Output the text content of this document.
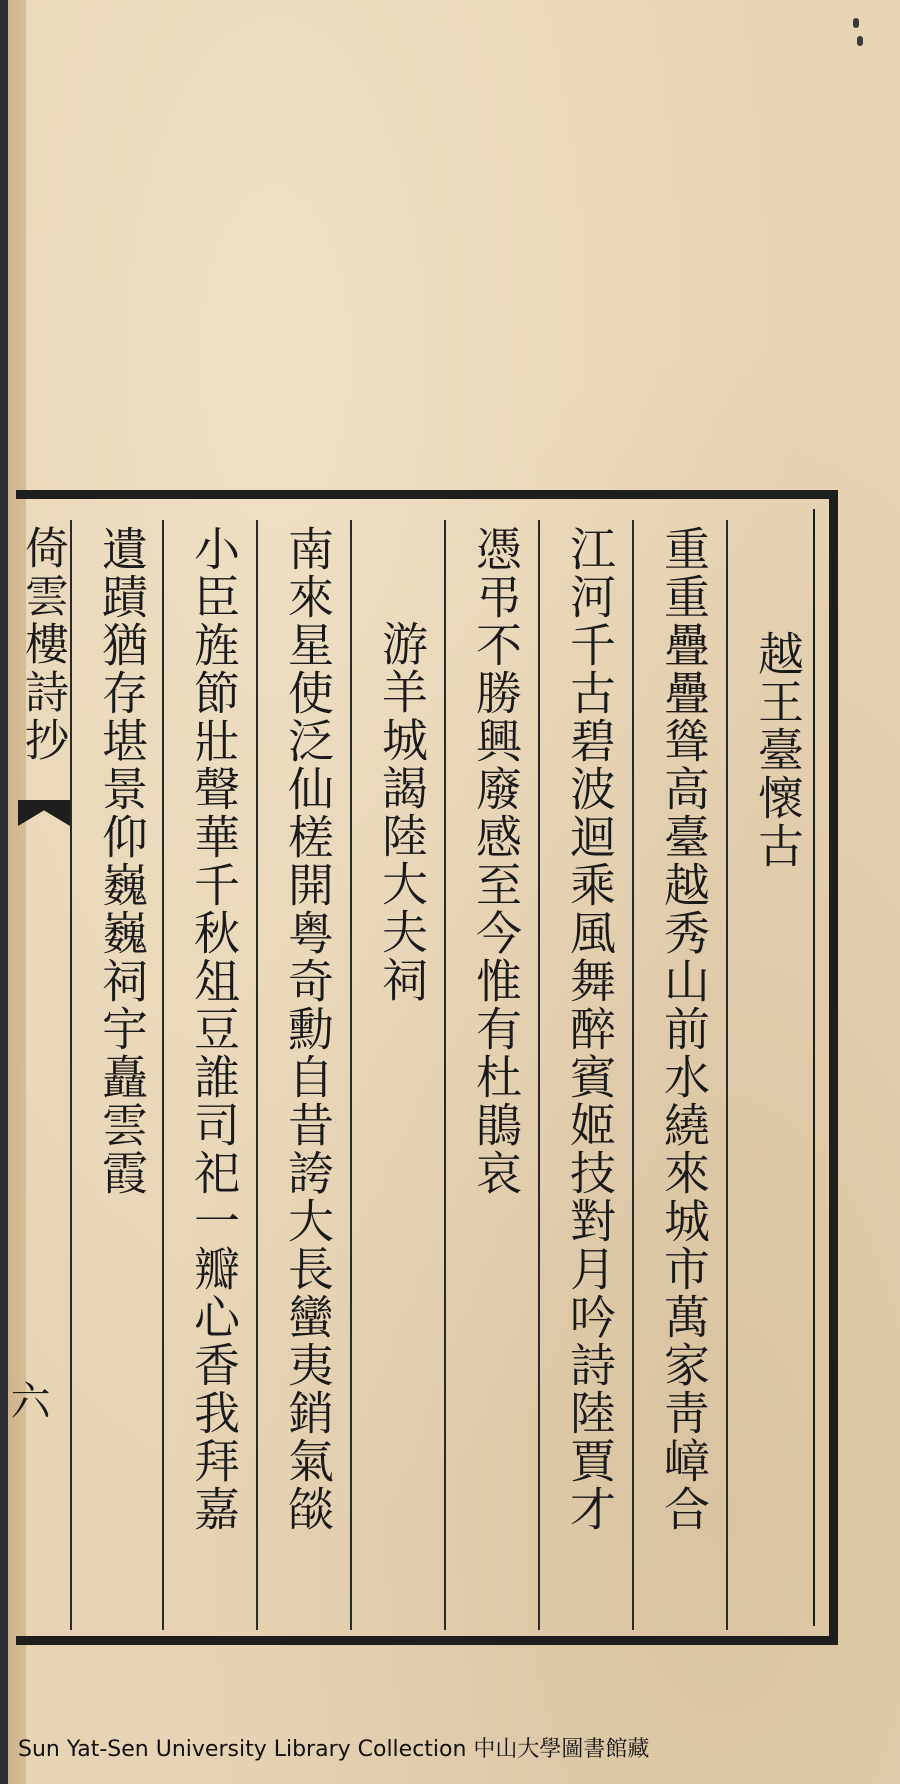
越王臺懷古
重重疊疊聳高臺越秀山前水繞來城市萬家靑嶂合
江河千古碧波迴乘風舞醉賓姬技對月吟詩陸賈才
憑弔不勝興廢感至今惟有杜鵑哀
游羊城謁陸大夫祠
南來星使泛仙槎開粤奇勳自昔誇大長蠻夷銷氣燄
小臣旌節壯聲華千秋俎豆誰司祀一瓣心香我拜嘉
遺蹟猶存堪景仰巍巍祠宇矗雲霞
倚雲樓詩抄
六
Sun Yat-Sen University Library Collection 中山大學圖書館藏
